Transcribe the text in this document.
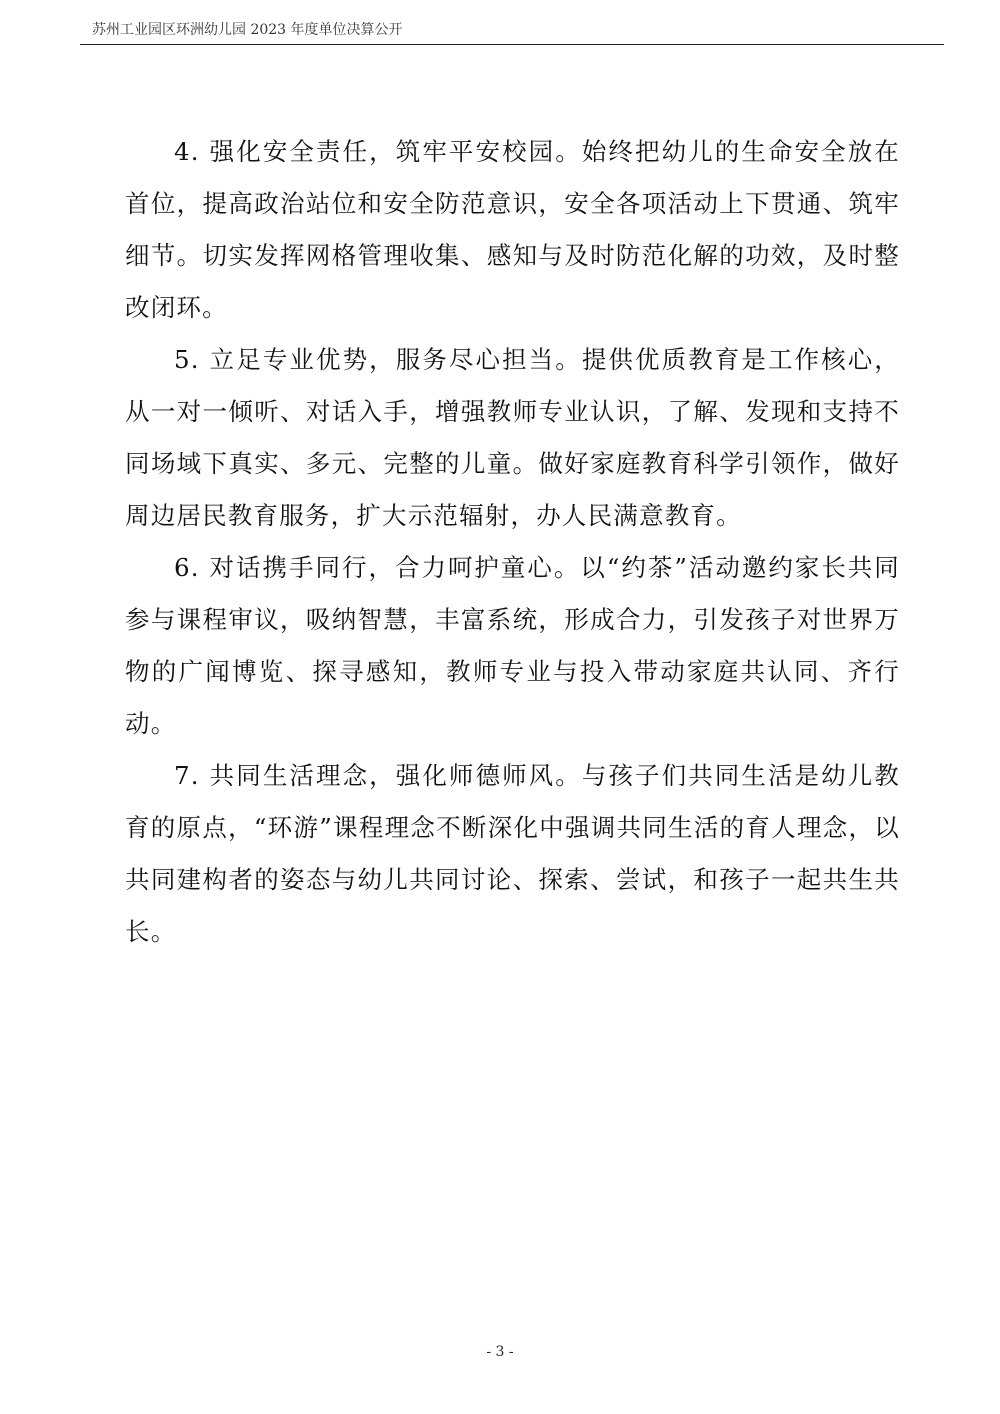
苏州工业园区环洲幼儿园 2023 年度单位决算公开

4. 强化安全责任，筑牢平安校园。始终把幼儿的生命安全放在首位，提高政治站位和安全防范意识，安全各项活动上下贯通、筑牢细节。切实发挥网格管理收集、感知与及时防范化解的功效，及时整改闭环。

5. 立足专业优势，服务尽心担当。提供优质教育是工作核心，从一对一倾听、对话入手，增强教师专业认识，了解、发现和支持不同场域下真实、多元、完整的儿童。做好家庭教育科学引领作，做好周边居民教育服务，扩大示范辐射，办人民满意教育。

6. 对话携手同行，合力呵护童心。以“约茶”活动邀约家长共同参与课程审议，吸纳智慧，丰富系统，形成合力，引发孩子对世界万物的广闻博览、探寻感知，教师专业与投入带动家庭共认同、齐行动。

7. 共同生活理念，强化师德师风。与孩子们共同生活是幼儿教育的原点，“环游”课程理念不断深化中强调共同生活的育人理念，以共同建构者的姿态与幼儿共同讨论、探索、尝试，和孩子一起共生共长。

- 3 -
